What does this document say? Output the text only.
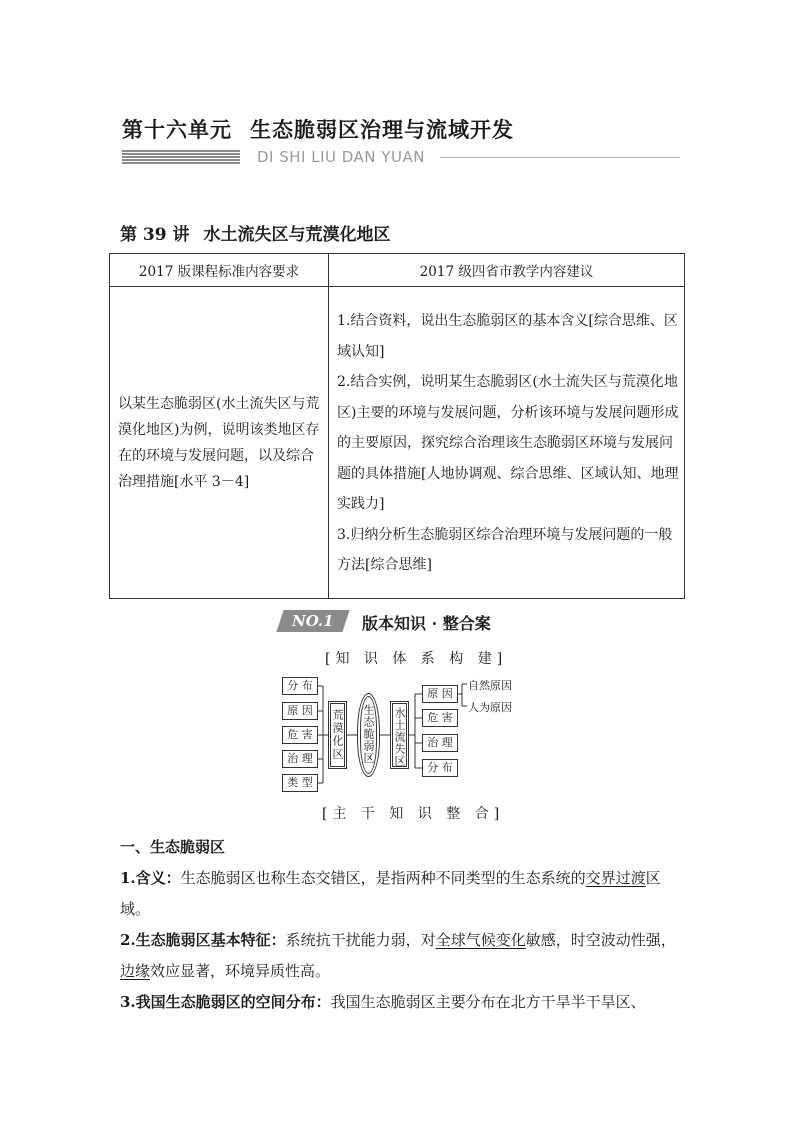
第十六单元 生态脆弱区治理与流域开发
DI SHI LIU DAN YUAN
第 39 讲 水土流失区与荒漠化地区
2017 版课程标准内容要求	2017 级四省市教学内容建议
以某生态脆弱区(水土流失区与荒漠化地区)为例，说明该类地区存在的环境与发展问题，以及综合治理措施[水平 3－4]	1.结合资料，说出生态脆弱区的基本含义[综合思维、区域认知]

2.结合实例，说明某生态脆弱区(水土流失区与荒漠化地区)主要的环境与发展问题，分析该环境与发展问题形成的主要原因，探究综合治理该生态脆弱区环境与发展问题的具体措施[人地协调观、综合思维、区域认知、地理实践力]

3.归纳分析生态脆弱区综合治理环境与发展问题的一般方法[综合思维]

NO.1	版本知识 · 整合案
[知 识 体 系 构 建]
分 布
原 因
危 害
治 理
类 型
荒漠化区 生态脆弱区 水土流失区
原 因
危 害
治 理
分 布
自然原因
人为原因
[主 干 知 识 整 合]

一、生态脆弱区

1.含义：生态脆弱区也称生态交错区，是指两种不同类型的生态系统的交界过渡区域。

2.生态脆弱区基本特征：系统抗干扰能力弱，对全球气候变化敏感，时空波动性强，边缘效应显著，环境异质性高。

3.我国生态脆弱区的空间分布：我国生态脆弱区主要分布在北方干旱半干旱区、
